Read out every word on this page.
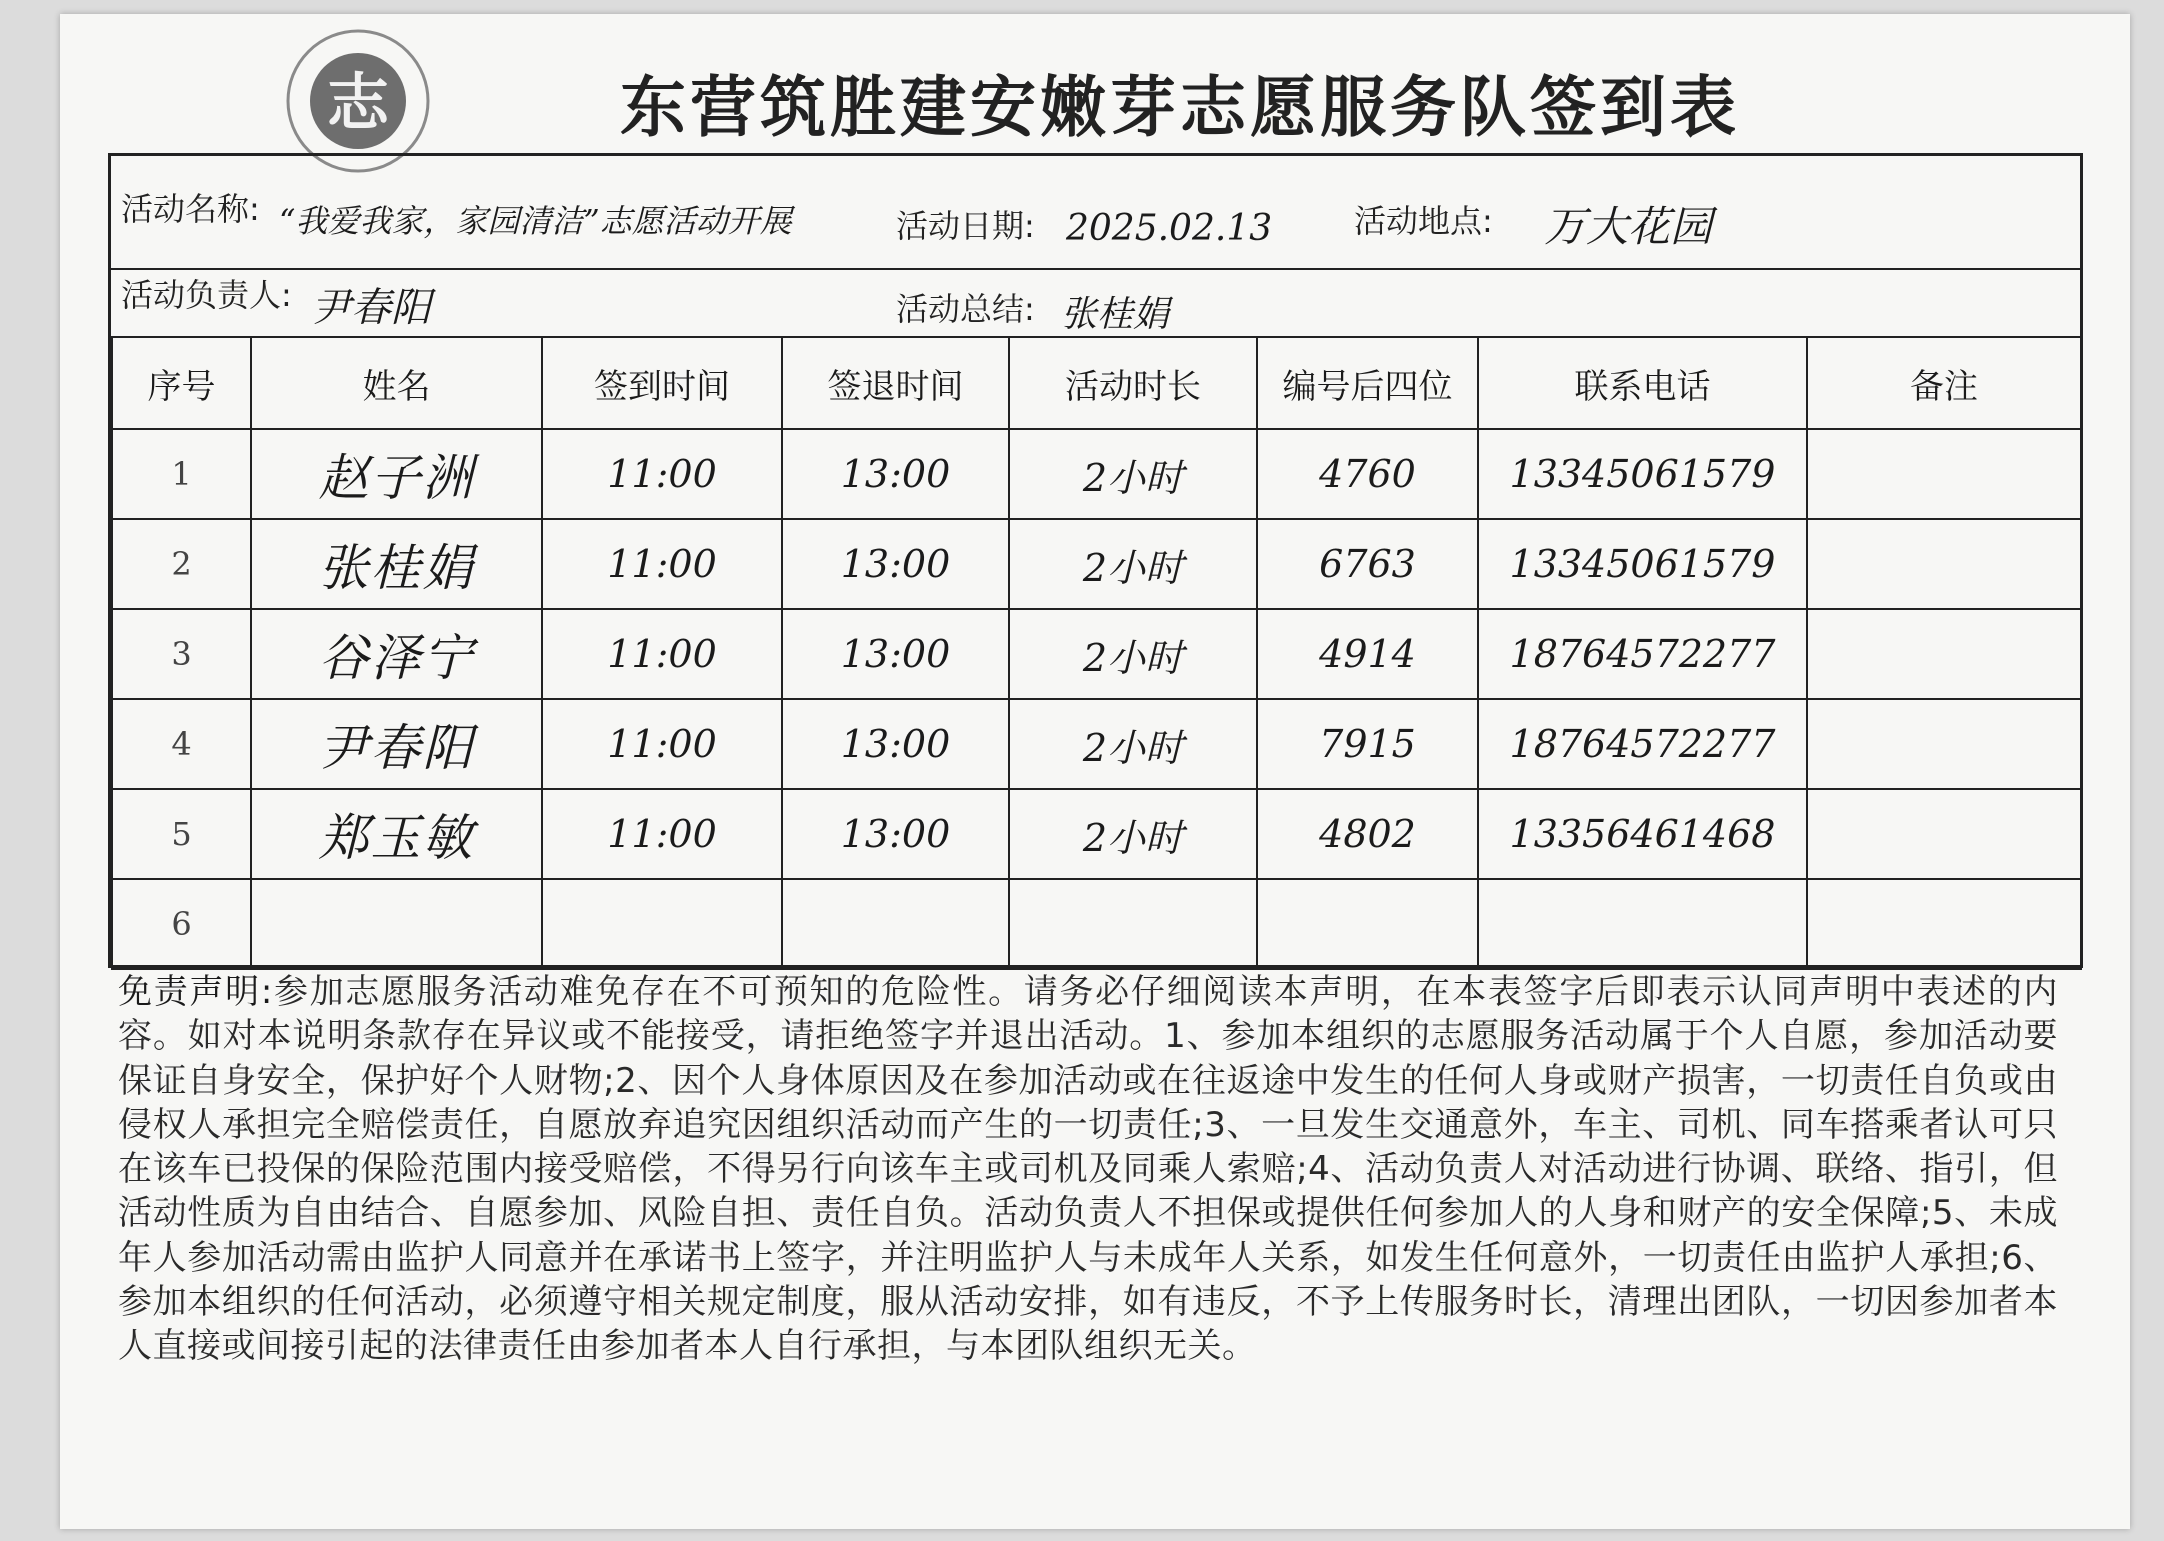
志	东营筑胜建安嫩芽志愿服务队签到表
活动名称: “我爱我家，家园清洁”志愿活动开展	活动日期: 2025.02.13	活动地点: 万大花园
活动负责人: 尹春阳	活动总结: 张桂娟
序号	姓名	签到时间	签退时间	活动时长	编号后四位	联系电话	备注
1	赵子洲	11:00	13:00	2小时	4760	13345061579	
2	张桂娟	11:00	13:00	2小时	6763	13345061579	
3	谷泽宁	11:00	13:00	2小时	4914	18764572277	
4	尹春阳	11:00	13:00	2小时	7915	18764572277	
5	郑玉敏	11:00	13:00	2小时	4802	13356461468	
6							
免责声明:参加志愿服务活动难免存在不可预知的危险性。请务必仔细阅读本声明，在本表签字后即表示认同声明中表述的内容。如对本说明条款存在异议或不能接受，请拒绝签字并退出活动。1、参加本组织的志愿服务活动属于个人自愿，参加活动要保证自身安全，保护好个人财物;2、因个人身体原因及在参加活动或在往返途中发生的任何人身或财产损害，一切责任自负或由侵权人承担完全赔偿责任，自愿放弃追究因组织活动而产生的一切责任;3、一旦发生交通意外，车主、司机、同车搭乘者认可只在该车已投保的保险范围内接受赔偿，不得另行向该车主或司机及同乘人索赔;4、活动负责人对活动进行协调、联络、指引，但活动性质为自由结合、自愿参加、风险自担、责任自负。活动负责人不担保或提供任何参加人的人身和财产的安全保障;5、未成年人参加活动需由监护人同意并在承诺书上签字，并注明监护人与未成年人关系，如发生任何意外，一切责任由监护人承担;6、参加本组织的任何活动，必须遵守相关规定制度，服从活动安排，如有违反，不予上传服务时长，清理出团队，一切因参加者本人直接或间接引起的法律责任由参加者本人自行承担，与本团队组织无关。
